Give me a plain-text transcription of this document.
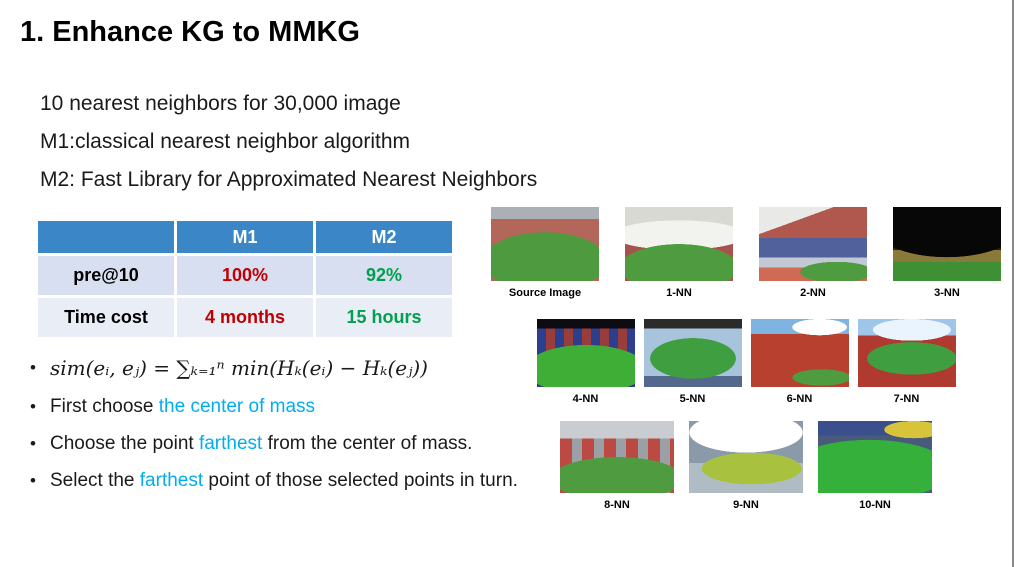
1. Enhance KG to MMKG

10 nearest neighbors for 30,000 image

M1:classical nearest neighbor algorithm

M2: Fast Library for Approximated Nearest Neighbors

	M1	M2
pre@10	100%	92%
Time cost	4 months	15 hours
• sim(eᵢ, eⱼ) = ∑ₖ₌₁ⁿ min(Hₖ(eᵢ) − Hₖ(eⱼ))
• First choose the center of mass
• Choose the point farthest from the center of mass.
• Select the farthest point of those selected points in turn.
Source Image	1-NN	2-NN	3-NN
4-NN	5-NN	6-NN	7-NN
8-NN	9-NN	10-NN
